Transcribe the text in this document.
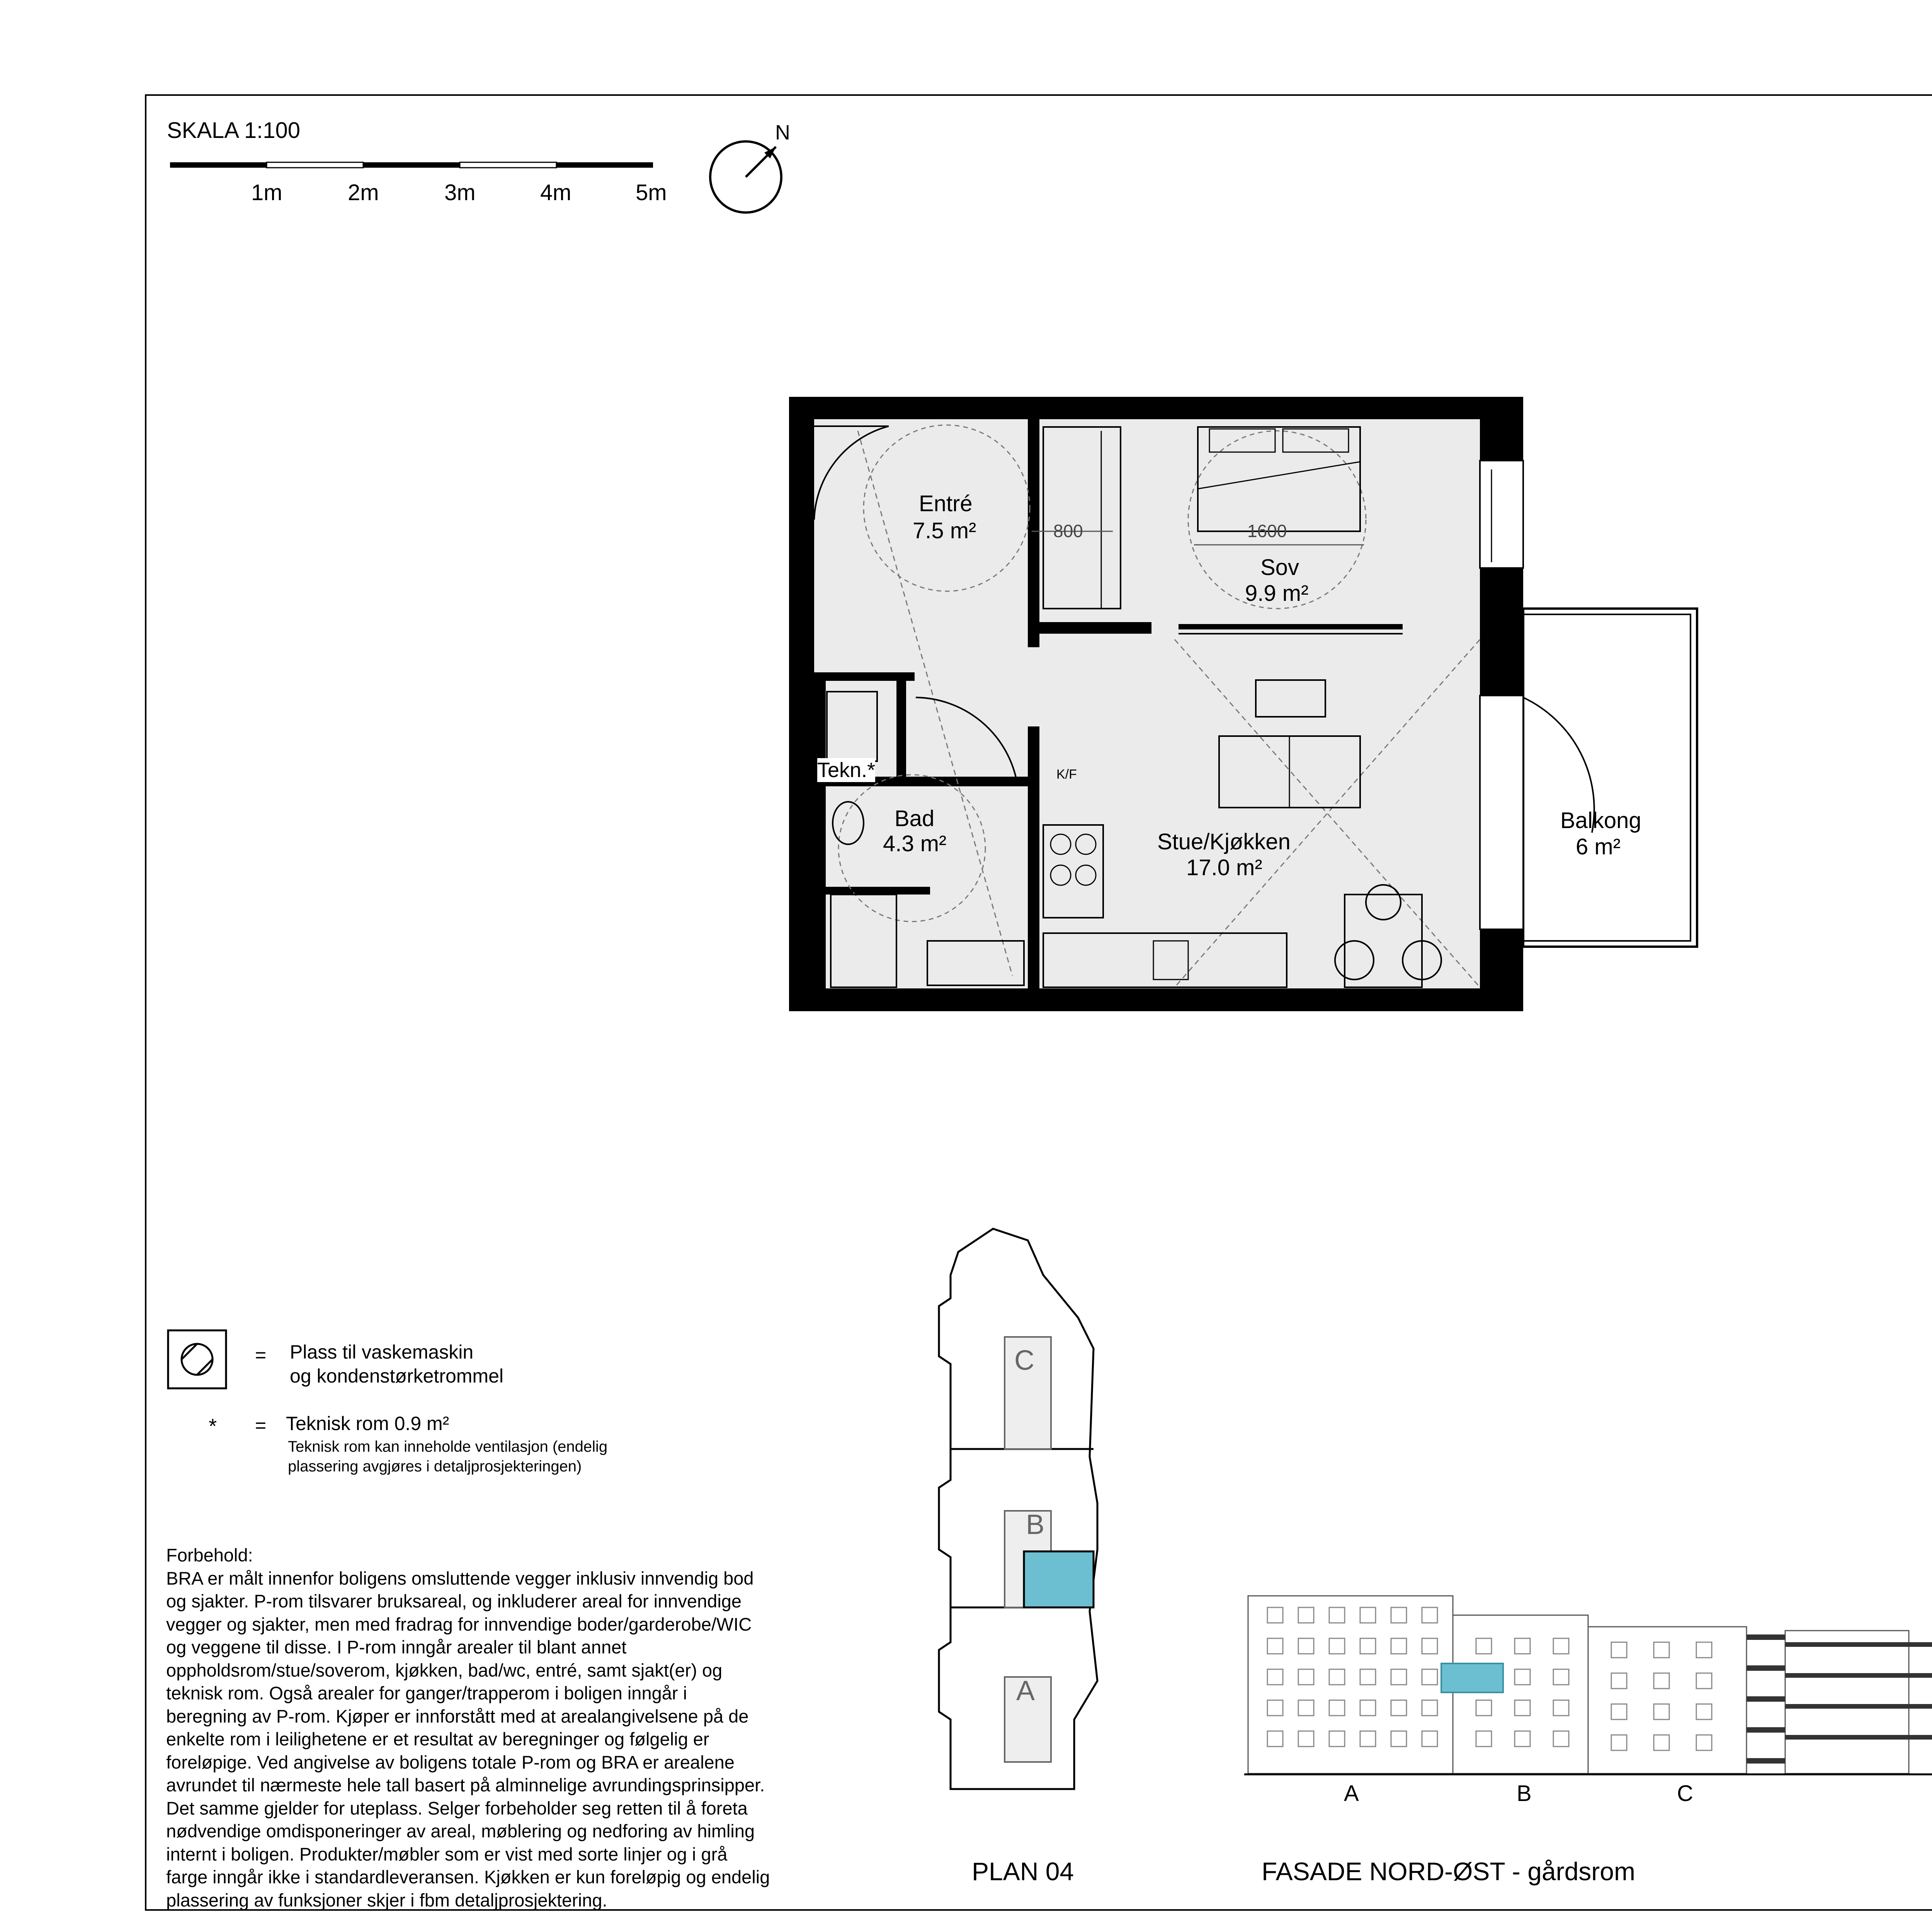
SKALA 1:100
1m	2m	3m	4m	5m
N
Entré
7.5 m²
Sov
9.9 m²
Bad
4.3 m²	Stue/Kjøkken
17.0 m²
Balkong
6 m²
Tekn.*
800	1600
K/F
= Plass til vaskemaskin
og kondenstørketrommel
* = Teknisk rom 0.9 m²
Teknisk rom kan inneholde ventilasjon (endelig
plassering avgjøres i detaljprosjekteringen)
Forbehold:
BRA er målt innenfor boligens omsluttende vegger inklusiv innvendig bod
og sjakter. P-rom tilsvarer bruksareal, og inkluderer areal for innvendige
vegger og sjakter, men med fradrag for innvendige boder/garderobe/WIC
og veggene til disse. I P-rom inngår arealer til blant annet
oppholdsrom/stue/soverom, kjøkken, bad/wc, entré, samt sjakt(er) og
teknisk rom. Også arealer for ganger/trapperom i boligen inngår i
beregning av P-rom. Kjøper er innforstått med at arealangivelsene på de
enkelte rom i leilighetene er et resultat av beregninger og følgelig er
foreløpige. Ved angivelse av boligens totale P-rom og BRA er arealene
avrundet til nærmeste hele tall basert på alminnelige avrundingsprinsipper.
Det samme gjelder for uteplass. Selger forbeholder seg retten til å foreta
nødvendige omdisponeringer av areal, møblering og nedforing av himling
internt i boligen. Produkter/møbler som er vist med sorte linjer og i grå
farge inngår ikke i standardleveransen. Kjøkken er kun foreløpig og endelig
plassering av funksjoner skjer i fbm detaljprosjektering.
C
B
A
PLAN 04
A	B	C
FASADE NORD-ØST - gårdsrom
